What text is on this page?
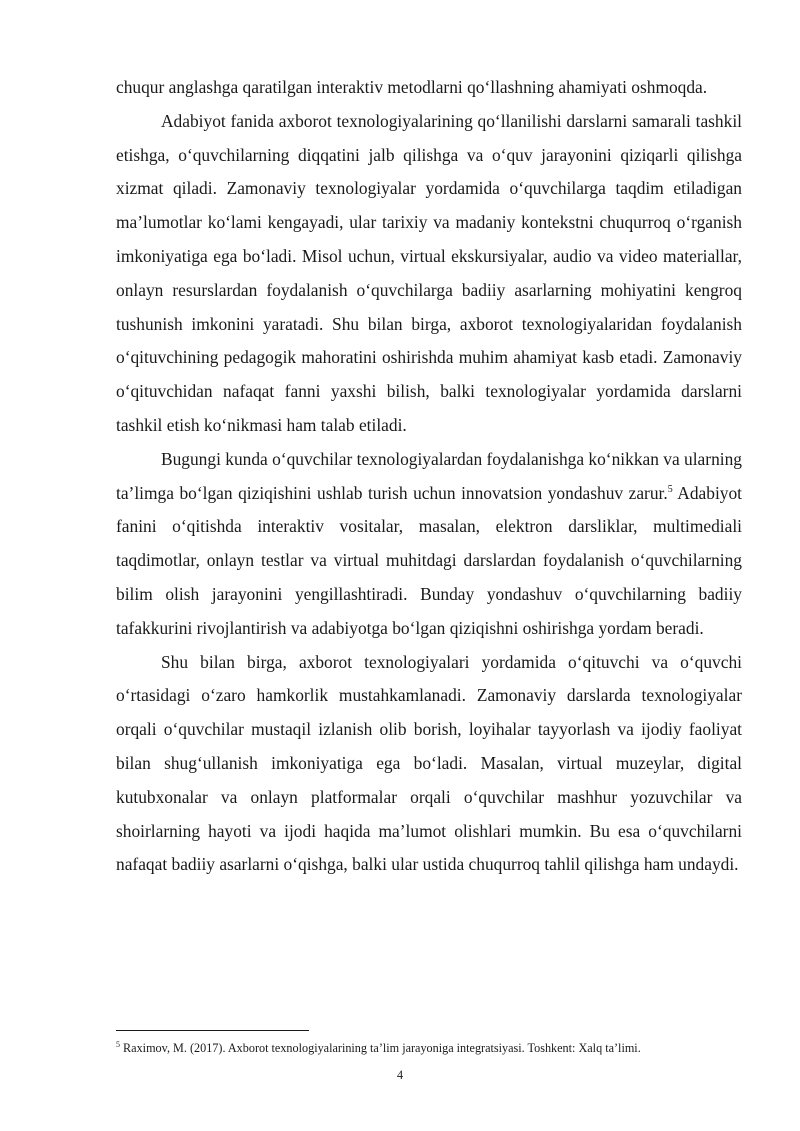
chuqur anglashga qaratilgan interaktiv metodlarni qo‘llashning ahamiyati oshmoqda.

Adabiyot fanida axborot texnologiyalarining qo‘llanilishi darslarni samarali tashkil etishga, o‘quvchilarning diqqatini jalb qilishga va o‘quv jarayonini qiziqarli qilishga xizmat qiladi. Zamonaviy texnologiyalar yordamida o‘quvchilarga taqdim etiladigan ma’lumotlar ko‘lami kengayadi, ular tarixiy va madaniy kontekstni chuqurroq o‘rganish imkoniyatiga ega bo‘ladi. Misol uchun, virtual ekskursiyalar, audio va video materiallar, onlayn resurslardan foydalanish o‘quvchilarga badiiy asarlarning mohiyatini kengroq tushunish imkonini yaratadi. Shu bilan birga, axborot texnologiyalaridan foydalanish o‘qituvchining pedagogik mahoratini oshirishda muhim ahamiyat kasb etadi. Zamonaviy o‘qituvchidan nafaqat fanni yaxshi bilish, balki texnologiyalar yordamida darslarni tashkil etish ko‘nikmasi ham talab etiladi.

Bugungi kunda o‘quvchilar texnologiyalardan foydalanishga ko‘nikkan va ularning ta’limga bo‘lgan qiziqishini ushlab turish uchun innovatsion yondashuv zarur.$^5$ Adabiyot fanini o‘qitishda interaktiv vositalar, masalan, elektron darsliklar, multimediali taqdimotlar, onlayn testlar va virtual muhitdagi darslardan foydalanish o‘quvchilarning bilim olish jarayonini yengillashtiradi. Bunday yondashuv o‘quvchilarning badiiy tafakkurini rivojlantirish va adabiyotga bo‘lgan qiziqishni oshirishga yordam beradi.

Shu bilan birga, axborot texnologiyalari yordamida o‘qituvchi va o‘quvchi o‘rtasidagi o‘zaro hamkorlik mustahkamlanadi. Zamonaviy darslarda texnologiyalar orqali o‘quvchilar mustaqil izlanish olib borish, loyihalar tayyorlash va ijodiy faoliyat bilan shug‘ullanish imkoniyatiga ega bo‘ladi. Masalan, virtual muzeylar, digital kutubxonalar va onlayn platformalar orqali o‘quvchilar mashhur yozuvchilar va shoirlarning hayoti va ijodi haqida ma’lumot olishlari mumkin. Bu esa o‘quvchilarni nafaqat badiiy asarlarni o‘qishga, balki ular ustida chuqurroq tahlil qilishga ham undaydi.

$^5$ Raximov, M. (2017). Axborot texnologiyalarining ta’lim jarayoniga integratsiyasi. Toshkent: Xalq ta’limi.
4
